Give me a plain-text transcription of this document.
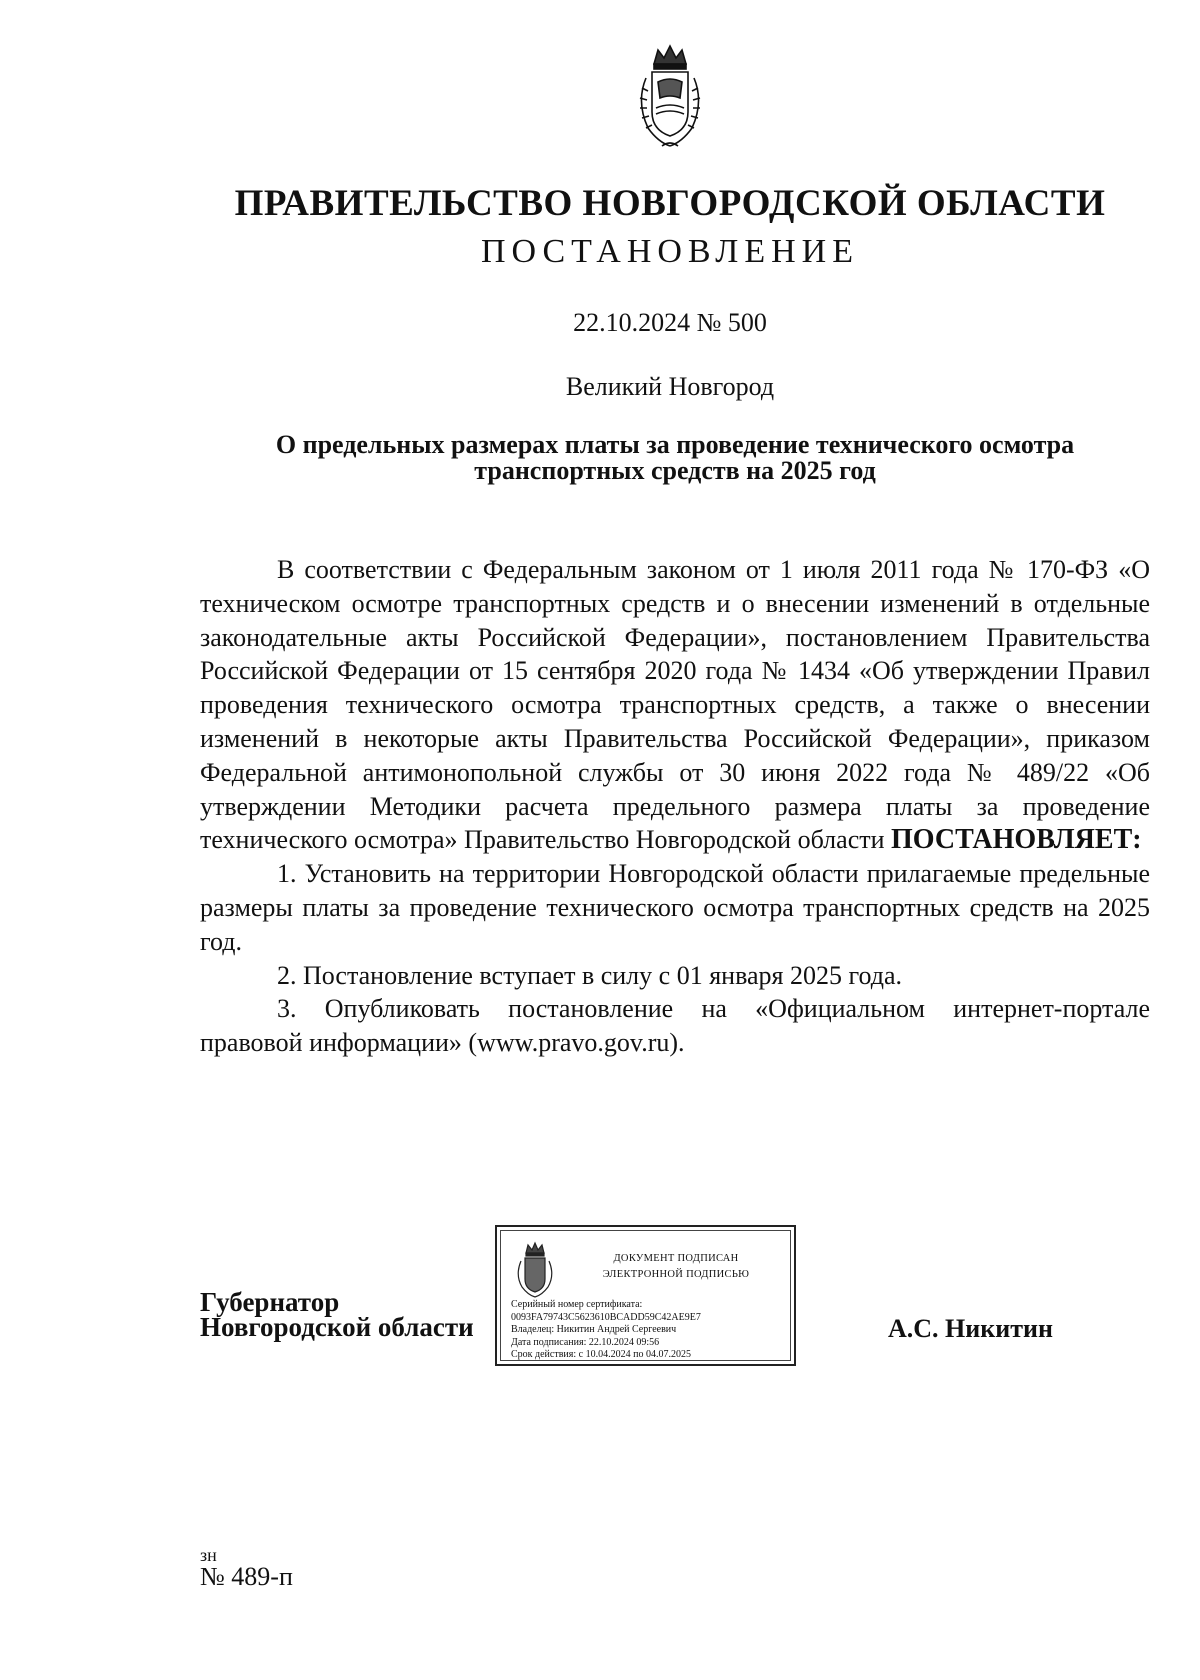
ПРАВИТЕЛЬСТВО НОВГОРОДСКОЙ ОБЛАСТИ
ПОСТАНОВЛЕНИЕ
22.10.2024 № 500
Великий Новгород
О предельных размерах платы за проведение технического осмотра
транспортных средств на 2025 год

В соответствии с Федеральным законом от 1 июля 2011 года № 170-ФЗ «О техническом осмотре транспортных средств и о внесении изменений в отдельные законодательные акты Российской Федерации», постановлением Правительства Российской Федерации от 15 сентября 2020 года № 1434 «Об утверждении Правил проведения технического осмотра транспортных средств, а также о внесении изменений в некоторые акты Правительства Российской Федерации», приказом Федеральной антимонопольной службы от 30 июня 2022 года № 489/22 «Об утверждении Методики расчета предельного размера платы за проведение технического осмотра» Правительство Новгородской области ПОСТАНОВЛЯЕТ:

1. Установить на территории Новгородской области прилагаемые предельные размеры платы за проведение технического осмотра транспортных средств на 2025 год.

2. Постановление вступает в силу с 01 января 2025 года.

3. Опубликовать постановление на «Официальном интернет-портале правовой информации» (www.pravo.gov.ru).

Губернатор
Новгородской области
ДОКУМЕНТ ПОДПИСАН
ЭЛЕКТРОННОЙ ПОДПИСЬЮ
Серийный номер сертификата:
0093FA79743C5623610BCADD59C42AE9E7
Владелец: Никитин Андрей Сергеевич
Дата подписания: 22.10.2024 09:56
Срок действия: с 10.04.2024 по 04.07.2025
А.С. Никитин
зн
№ 489-п
